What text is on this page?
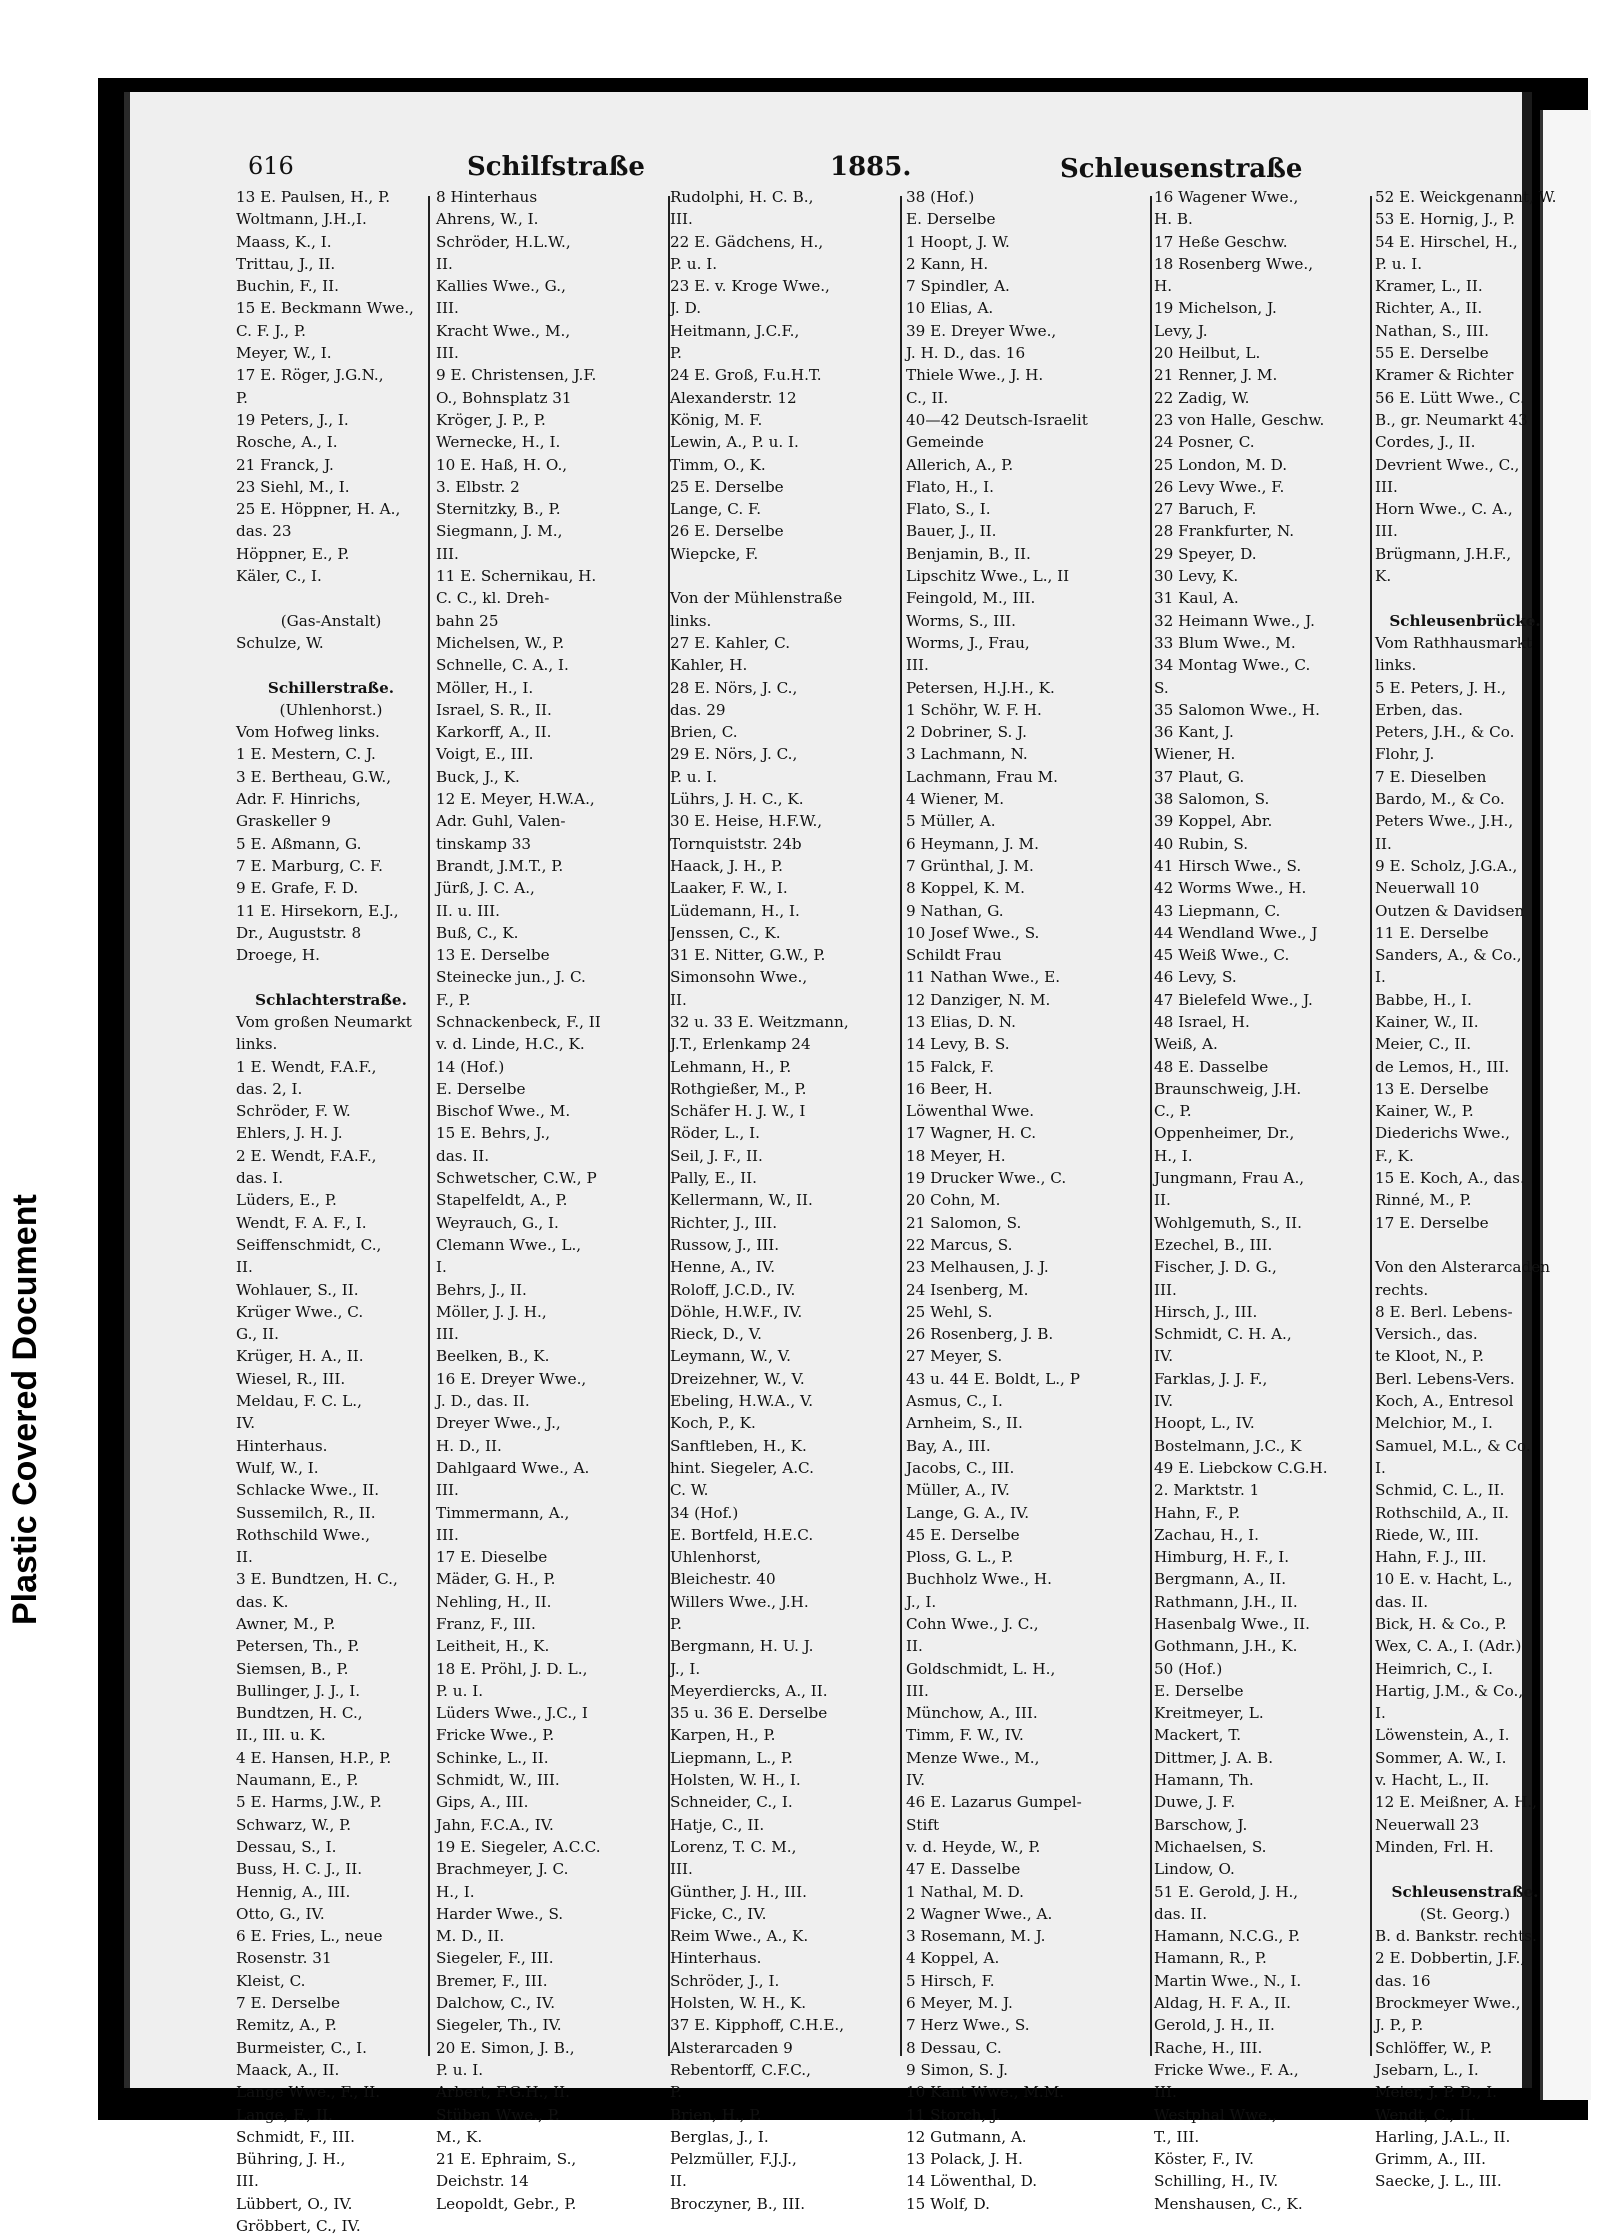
Plastic Covered Document
616	Schilfstraße	1885.	Schleusenstraße
13 E. Paulsen, H., P.
Woltmann, J.H.,I.
Maass, K., I.
Trittau, J., II.
Buchin, F., II.
15 E. Beckmann Wwe.,
C. F. J., P.
Meyer, W., I.
17 E. Röger, J.G.N.,
P.
19 Peters, J., I.
Rosche, A., I.
21 Franck, J.
23 Siehl, M., I.
25 E. Höppner, H. A.,
das. 23
Höppner, E., P.
Käler, C., I.
(Gas-Anstalt)
Schulze, W.
Schillerstraße.
(Uhlenhorst.)
Vom Hofweg links.
1 E. Mestern, C. J.
3 E. Bertheau, G.W.,
Adr. F. Hinrichs,
Graskeller 9
5 E. Aßmann, G.
7 E. Marburg, C. F.
9 E. Grafe, F. D.
11 E. Hirsekorn, E.J.,
Dr., Auguststr. 8
Droege, H.
Schlachterstraße.
Vom großen Neumarkt
links.
1 E. Wendt, F.A.F.,
das. 2, I.
Schröder, F. W.
Ehlers, J. H. J.
2 E. Wendt, F.A.F.,
das. I.
Lüders, E., P.
Wendt, F. A. F., I.
Seiffenschmidt, C.,
II.
Wohlauer, S., II.
Krüger Wwe., C.
G., II.
Krüger, H. A., II.
Wiesel, R., III.
Meldau, F. C. L.,
IV.
Hinterhaus.
Wulf, W., I.
Schlacke Wwe., II.
Sussemilch, R., II.
Rothschild Wwe.,
II.
3 E. Bundtzen, H. C.,
das. K.
Awner, M., P.
Petersen, Th., P.
Siemsen, B., P.
Bullinger, J. J., I.
Bundtzen, H. C.,
II., III. u. K.
4 E. Hansen, H.P., P.
Naumann, E., P.
5 E. Harms, J.W., P.
Schwarz, W., P.
Dessau, S., I.
Buss, H. C. J., II.
Hennig, A., III.
Otto, G., IV.
6 E. Fries, L., neue
Rosenstr. 31
Kleist, C.
7 E. Derselbe
Remitz, A., P.
Burmeister, C., I.
Maack, A., II.
Lange Wwe., F., II.
Lange, F., II.
Schmidt, F., III.
Bühring, J. H.,
III.
Lübbert, O., IV.
Gröbbert, C., IV.
8 Hinterhaus
Ahrens, W., I.
Schröder, H.L.W.,
II.
Kallies Wwe., G.,
III.
Kracht Wwe., M.,
III.
9 E. Christensen, J.F.
O., Bohnsplatz 31
Kröger, J. P., P.
Wernecke, H., I.
10 E. Haß, H. O.,
3. Elbstr. 2
Sternitzky, B., P.
Siegmann, J. M.,
III.
11 E. Schernikau, H.
C. C., kl. Dreh-
bahn 25
Michelsen, W., P.
Schnelle, C. A., I.
Möller, H., I.
Israel, S. R., II.
Karkorff, A., II.
Voigt, E., III.
Buck, J., K.
12 E. Meyer, H.W.A.,
Adr. Guhl, Valen-
tinskamp 33
Brandt, J.M.T., P.
Jürß, J. C. A.,
II. u. III.
Buß, C., K.
13 E. Derselbe
Steinecke jun., J. C.
F., P.
Schnackenbeck, F., II
v. d. Linde, H.C., K.
14 (Hof.)
E. Derselbe
Bischof Wwe., M.
15 E. Behrs, J.,
das. II.
Schwetscher, C.W., P
Stapelfeldt, A., P.
Weyrauch, G., I.
Clemann Wwe., L.,
I.
Behrs, J., II.
Möller, J. J. H.,
III.
Beelken, B., K.
16 E. Dreyer Wwe.,
J. D., das. II.
Dreyer Wwe., J.,
H. D., II.
Dahlgaard Wwe., A.
III.
Timmermann, A.,
III.
17 E. Dieselbe
Mäder, G. H., P.
Nehling, H., II.
Franz, F., III.
Leitheit, H., K.
18 E. Pröhl, J. D. L.,
P. u. I.
Lüders Wwe., J.C., I
Fricke Wwe., P.
Schinke, L., II.
Schmidt, W., III.
Gips, A., III.
Jahn, F.C.A., IV.
19 E. Siegeler, A.C.C.
Brachmeyer, J. C.
H., I.
Harder Wwe., S.
M. D., II.
Siegeler, F., III.
Bremer, F., III.
Dalchow, C., IV.
Siegeler, Th., IV.
20 E. Simon, J. B.,
P. u. I.
Arbert, F.G.H., II.
Stüben Wwe., P.
M., K.
21 E. Ephraim, S.,
Deichstr. 14
Leopoldt, Gebr., P.
Rudolphi, H. C. B.,
III.
22 E. Gädchens, H.,
P. u. I.
23 E. v. Kroge Wwe.,
J. D.
Heitmann, J.C.F.,
P.
24 E. Groß, F.u.H.T.
Alexanderstr. 12
König, M. F.
Lewin, A., P. u. I.
Timm, O., K.
25 E. Derselbe
Lange, C. F.
26 E. Derselbe
Wiepcke, F.
Von der Mühlenstraße
links.
27 E. Kahler, C.
Kahler, H.
28 E. Nörs, J. C.,
das. 29
Brien, C.
29 E. Nörs, J. C.,
P. u. I.
Lührs, J. H. C., K.
30 E. Heise, H.F.W.,
Tornquiststr. 24b
Haack, J. H., P.
Laaker, F. W., I.
Lüdemann, H., I.
Jenssen, C., K.
31 E. Nitter, G.W., P.
Simonsohn Wwe.,
II.
32 u. 33 E. Weitzmann,
J.T., Erlenkamp 24
Lehmann, H., P.
Rothgießer, M., P.
Schäfer H. J. W., I
Röder, L., I.
Seil, J. F., II.
Pally, E., II.
Kellermann, W., II.
Richter, J., III.
Russow, J., III.
Henne, A., IV.
Roloff, J.C.D., IV.
Döhle, H.W.F., IV.
Rieck, D., V.
Leymann, W., V.
Dreizehner, W., V.
Ebeling, H.W.A., V.
Koch, P., K.
Sanftleben, H., K.
hint. Siegeler, A.C.
C. W.
34 (Hof.)
E. Bortfeld, H.E.C.
Uhlenhorst,
Bleichestr. 40
Willers Wwe., J.H.
P.
Bergmann, H. U. J.
J., I.
Meyerdiercks, A., II.
35 u. 36 E. Derselbe
Karpen, H., P.
Liepmann, L., P.
Holsten, W. H., I.
Schneider, C., I.
Hatje, C., II.
Lorenz, T. C. M.,
III.
Günther, J. H., III.
Ficke, C., IV.
Reim Wwe., A., K.
Hinterhaus.
Schröder, J., I.
Holsten, W. H., K.
37 E. Kipphoff, C.H.E.,
Alsterarcaden 9
Rebentorff, C.F.C.,
P.
Brien, H., P.
Berglas, J., I.
Pelzmüller, F.J.J.,
II.
Broczyner, B., III.
38 (Hof.)
E. Derselbe
1 Hoopt, J. W.
2 Kann, H.
7 Spindler, A.
10 Elias, A.
39 E. Dreyer Wwe.,
J. H. D., das. 16
Thiele Wwe., J. H.
C., II.
40—42 Deutsch-Israelit
Gemeinde
Allerich, A., P.
Flato, H., I.
Flato, S., I.
Bauer, J., II.
Benjamin, B., II.
Lipschitz Wwe., L., II
Feingold, M., III.
Worms, S., III.
Worms, J., Frau,
III.
Petersen, H.J.H., K.
1 Schöhr, W. F. H.
2 Dobriner, S. J.
3 Lachmann, N.
Lachmann, Frau M.
4 Wiener, M.
5 Müller, A.
6 Heymann, J. M.
7 Grünthal, J. M.
8 Koppel, K. M.
9 Nathan, G.
10 Josef Wwe., S.
Schildt Frau
11 Nathan Wwe., E.
12 Danziger, N. M.
13 Elias, D. N.
14 Levy, B. S.
15 Falck, F.
16 Beer, H.
Löwenthal Wwe.
17 Wagner, H. C.
18 Meyer, H.
19 Drucker Wwe., C.
20 Cohn, M.
21 Salomon, S.
22 Marcus, S.
23 Melhausen, J. J.
24 Isenberg, M.
25 Wehl, S.
26 Rosenberg, J. B.
27 Meyer, S.
43 u. 44 E. Boldt, L., P
Asmus, C., I.
Arnheim, S., II.
Bay, A., III.
Jacobs, C., III.
Müller, A., IV.
Lange, G. A., IV.
45 E. Derselbe
Ploss, G. L., P.
Buchholz Wwe., H.
J., I.
Cohn Wwe., J. C.,
II.
Goldschmidt, L. H.,
III.
Münchow, A., III.
Timm, F. W., IV.
Menze Wwe., M.,
IV.
46 E. Lazarus Gumpel-
Stift
v. d. Heyde, W., P.
47 E. Dasselbe
1 Nathal, M. D.
2 Wagner Wwe., A.
3 Rosemann, M. J.
4 Koppel, A.
5 Hirsch, F.
6 Meyer, M. J.
7 Herz Wwe., S.
8 Dessau, C.
9 Simon, S. J.
10 Kant Wwe., M.M.
11 Storch, J.
12 Gutmann, A.
13 Polack, J. H.
14 Löwenthal, D.
15 Wolf, D.
16 Wagener Wwe.,
H. B.
17 Heße Geschw.
18 Rosenberg Wwe.,
H.
19 Michelson, J.
Levy, J.
20 Heilbut, L.
21 Renner, J. M.
22 Zadig, W.
23 von Halle, Geschw.
24 Posner, C.
25 London, M. D.
26 Levy Wwe., F.
27 Baruch, F.
28 Frankfurter, N.
29 Speyer, D.
30 Levy, K.
31 Kaul, A.
32 Heimann Wwe., J.
33 Blum Wwe., M.
34 Montag Wwe., C.
S.
35 Salomon Wwe., H.
36 Kant, J.
Wiener, H.
37 Plaut, G.
38 Salomon, S.
39 Koppel, Abr.
40 Rubin, S.
41 Hirsch Wwe., S.
42 Worms Wwe., H.
43 Liepmann, C.
44 Wendland Wwe., J
45 Weiß Wwe., C.
46 Levy, S.
47 Bielefeld Wwe., J.
48 Israel, H.
Weiß, A.
48 E. Dasselbe
Braunschweig, J.H.
C., P.
Oppenheimer, Dr.,
H., I.
Jungmann, Frau A.,
II.
Wohlgemuth, S., II.
Ezechel, B., III.
Fischer, J. D. G.,
III.
Hirsch, J., III.
Schmidt, C. H. A.,
IV.
Farklas, J. J. F.,
IV.
Hoopt, L., IV.
Bostelmann, J.C., K
49 E. Liebckow C.G.H.
2. Marktstr. 1
Hahn, F., P.
Zachau, H., I.
Himburg, H. F., I.
Bergmann, A., II.
Rathmann, J.H., II.
Hasenbalg Wwe., II.
Gothmann, J.H., K.
50 (Hof.)
E. Derselbe
Kreitmeyer, L.
Mackert, T.
Dittmer, J. A. B.
Hamann, Th.
Duwe, J. F.
Barschow, J.
Michaelsen, S.
Lindow, O.
51 E. Gerold, J. H.,
das. II.
Hamann, N.C.G., P.
Hamann, R., P.
Martin Wwe., N., I.
Aldag, H. F. A., II.
Gerold, J. H., II.
Rache, H., III.
Fricke Wwe., F. A.,
III.
Westphal Wwe.,
T., III.
Köster, F., IV.
Schilling, H., IV.
Menshausen, C., K.
52 E. Weickgenannt, W.
53 E. Hornig, J., P.
54 E. Hirschel, H.,
P. u. I.
Kramer, L., II.
Richter, A., II.
Nathan, S., III.
55 E. Derselbe
Kramer & Richter
56 E. Lütt Wwe., C.
B., gr. Neumarkt 43
Cordes, J., II.
Devrient Wwe., C.,
III.
Horn Wwe., C. A.,
III.
Brügmann, J.H.F.,
K.
Schleusenbrücke.
Vom Rathhausmarkt
links.
5 E. Peters, J. H.,
Erben, das.
Peters, J.H., & Co.
Flohr, J.
7 E. Dieselben
Bardo, M., & Co.
Peters Wwe., J.H.,
II.
9 E. Scholz, J.G.A.,
Neuerwall 10
Outzen & Davidsen
11 E. Derselbe
Sanders, A., & Co.,
I.
Babbe, H., I.
Kainer, W., II.
Meier, C., II.
de Lemos, H., III.
13 E. Derselbe
Kainer, W., P.
Diederichs Wwe.,
F., K.
15 E. Koch, A., das.
Rinné, M., P.
17 E. Derselbe
Von den Alsterarcaden
rechts.
8 E. Berl. Lebens-
Versich., das.
te Kloot, N., P.
Berl. Lebens-Vers.
Koch, A., Entresol
Melchior, M., I.
Samuel, M.L., & Co.
I.
Schmid, C. L., II.
Rothschild, A., II.
Riede, W., III.
Hahn, F. J., III.
10 E. v. Hacht, L.,
das. II.
Bick, H. & Co., P.
Wex, C. A., I. (Adr.)
Heimrich, C., I.
Hartig, J.M., & Co.,
I.
Löwenstein, A., I.
Sommer, A. W., I.
v. Hacht, L., II.
12 E. Meißner, A. H.,
Neuerwall 23
Minden, Frl. H.
Schleusenstraße.
(St. Georg.)
B. d. Bankstr. rechts.
2 E. Dobbertin, J.F.,
das. 16
Brockmeyer Wwe.,
J. P., P.
Schlöffer, W., P.
Jsebarn, L., I.
Meier, J. P. D., I.
Wendt, C., II.
Harling, J.A.L., II.
Grimm, A., III.
Saecke, J. L., III.
